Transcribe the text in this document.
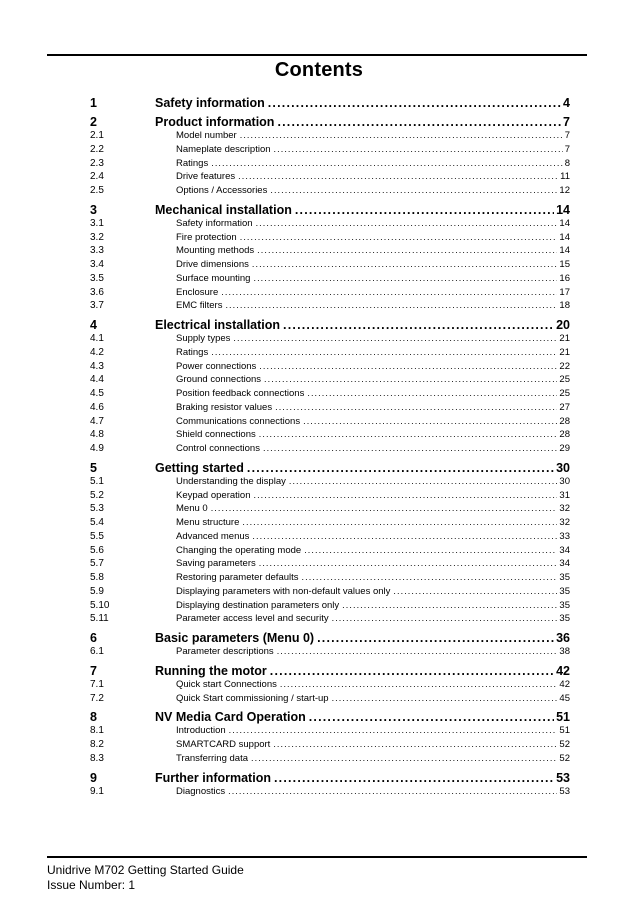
Contents
1	Safety information .....	4
2	Product information .....	7
2.1	Model number .....	7
2.2	Nameplate description .....	7
2.3	Ratings .....	8
2.4	Drive features .....	11
2.5	Options / Accessories .....	12
3	Mechanical installation .....	14
3.1	Safety information .....	14
3.2	Fire protection .....	14
3.3	Mounting methods .....	14
3.4	Drive dimensions .....	15
3.5	Surface mounting .....	16
3.6	Enclosure .....	17
3.7	EMC filters .....	18
4	Electrical installation .....	20
4.1	Supply types .....	21
4.2	Ratings .....	21
4.3	Power connections .....	22
4.4	Ground connections .....	25
4.5	Position feedback connections .....	25
4.6	Braking resistor values .....	27
4.7	Communications connections .....	28
4.8	Shield connections .....	28
4.9	Control connections .....	29
5	Getting started .....	30
5.1	Understanding the display .....	30
5.2	Keypad operation .....	31
5.3	Menu 0 .....	32
5.4	Menu structure .....	32
5.5	Advanced menus .....	33
5.6	Changing the operating mode .....	34
5.7	Saving parameters .....	34
5.8	Restoring parameter defaults .....	35
5.9	Displaying parameters with non-default values only .....	35
5.10	Displaying destination parameters only .....	35
5.11	Parameter access level and security .....	35
6	Basic parameters (Menu 0) .....	36
6.1	Parameter descriptions .....	38
7	Running the motor .....	42
7.1	Quick start Connections .....	42
7.2	Quick Start commissioning / start-up .....	45
8	NV Media Card Operation .....	51
8.1	Introduction .....	51
8.2	SMARTCARD support .....	52
8.3	Transferring data .....	52
9	Further information .....	53
9.1	Diagnostics .....	53
Unidrive M702 Getting Started Guide
Issue Number: 1
